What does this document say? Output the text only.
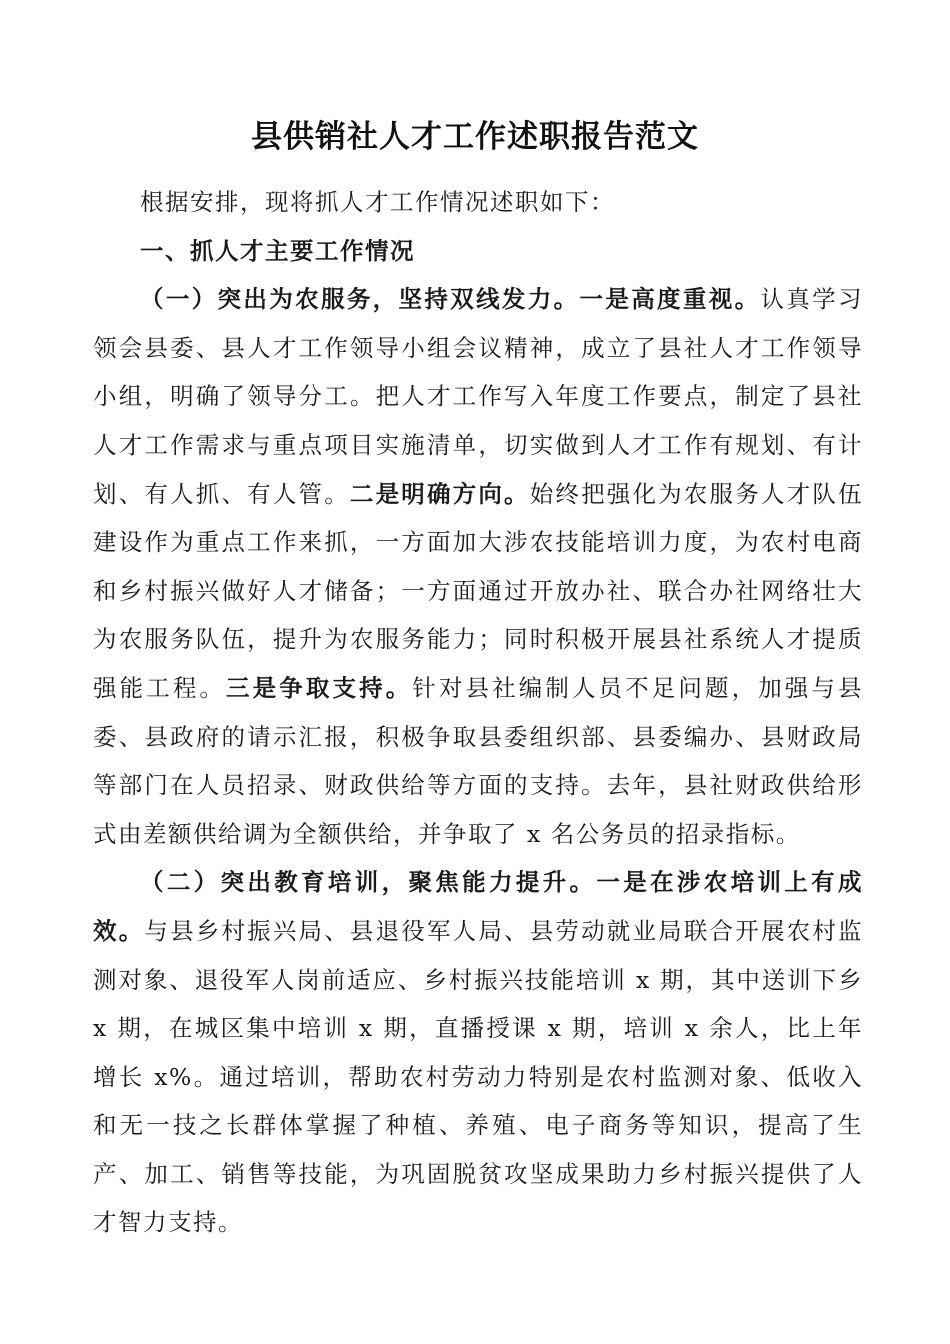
县供销社人才工作述职报告范文

根据安排，现将抓人才工作情况述职如下：

一、抓人才主要工作情况

（一）突出为农服务，坚持双线发力。一是高度重视。认真学习领会县委、县人才工作领导小组会议精神，成立了县社人才工作领导小组，明确了领导分工。把人才工作写入年度工作要点，制定了县社人才工作需求与重点项目实施清单，切实做到人才工作有规划、有计划、有人抓、有人管。二是明确方向。始终把强化为农服务人才队伍建设作为重点工作来抓，一方面加大涉农技能培训力度，为农村电商和乡村振兴做好人才储备；一方面通过开放办社、联合办社网络壮大为农服务队伍，提升为农服务能力；同时积极开展县社系统人才提质强能工程。三是争取支持。针对县社编制人员不足问题，加强与县委、县政府的请示汇报，积极争取县委组织部、县委编办、县财政局等部门在人员招录、财政供给等方面的支持。去年，县社财政供给形式由差额供给调为全额供给，并争取了 x 名公务员的招录指标。

（二）突出教育培训，聚焦能力提升。一是在涉农培训上有成效。与县乡村振兴局、县退役军人局、县劳动就业局联合开展农村监测对象、退役军人岗前适应、乡村振兴技能培训 x 期，其中送训下乡 x 期，在城区集中培训 x 期，直播授课 x 期，培训 x 余人，比上年增长 x%。通过培训，帮助农村劳动力特别是农村监测对象、低收入和无一技之长群体掌握了种植、养殖、电子商务等知识，提高了生产、加工、销售等技能，为巩固脱贫攻坚成果助力乡村振兴提供了人才智力支持。
